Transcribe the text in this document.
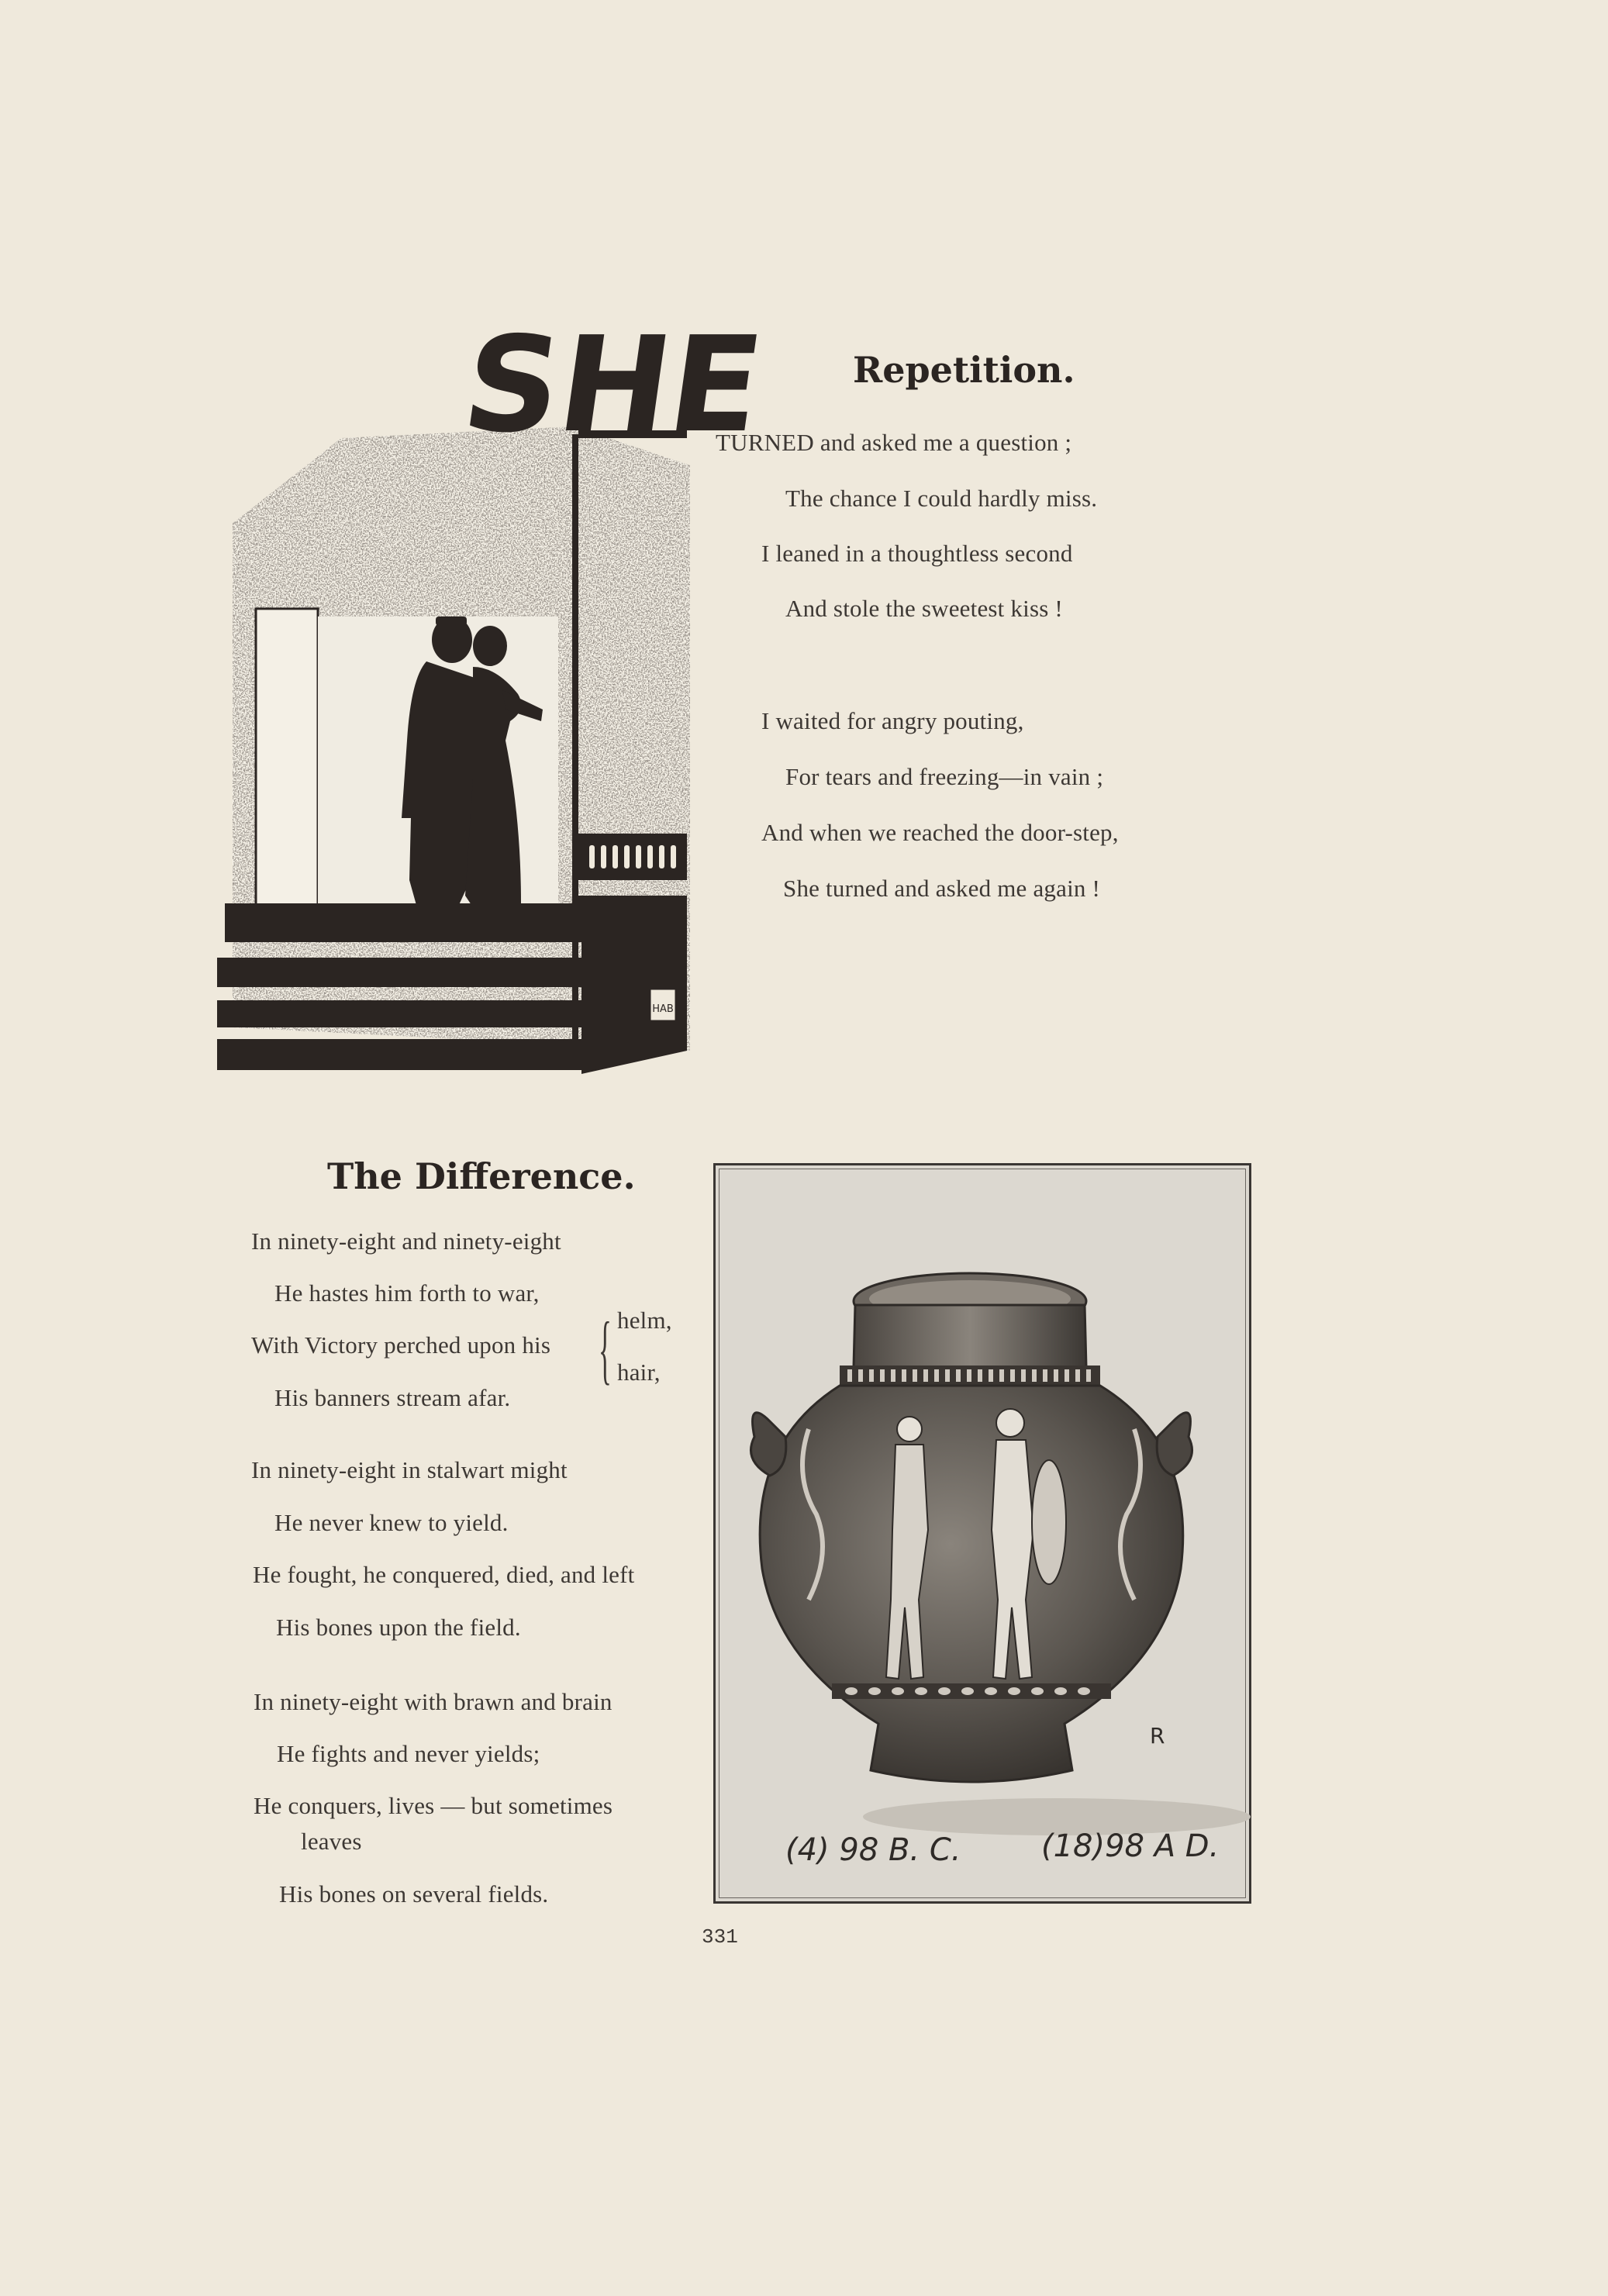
HAB
SHE Repetition.
TURNED and asked me a question ;
The chance I could hardly miss.
I leaned in a thoughtless second
And stole the sweetest kiss !
I waited for angry pouting,
For tears and freezing—in vain ;
And when we reached the door-step,
She turned and asked me again !
The Difference.
In ninety-eight and ninety-eight
He hastes him forth to war,
With Victory perched upon his { helm,
hair,
His banners stream afar.
In ninety-eight in stalwart might
He never knew to yield.
He fought, he conquered, died, and left
His bones upon the field.
In ninety-eight with brawn and brain
He fights and never yields;
He conquers, lives — but sometimes
leaves
His bones on several fields.
R
(4) 98 B. C.	(18)98 A D.
331
